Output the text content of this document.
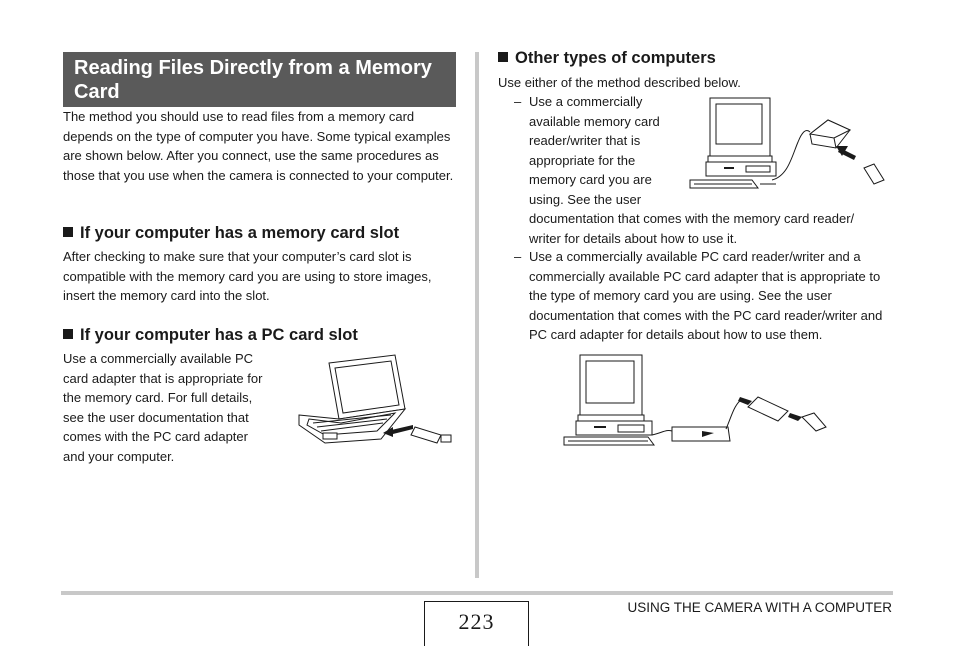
Reading Files Directly from a Memory Card
The method you should use to read files from a memory card depends on the type of computer you have. Some typical examples are shown below. After you connect, use the same procedures as those that you use when the camera is connected to your computer.
If your computer has a memory card slot
After checking to make sure that your computer’s card slot is compatible with the memory card you are using to store images, insert the memory card into the slot.
If your computer has a PC card slot
Use a commercially available PC
card adapter that is appropriate for
the memory card. For full details,
see the user documentation that
comes with the PC card adapter
and your computer.
Other types of computers
Use either of the method described below.
– Use a commercially
available memory card
reader/writer that is
appropriate for the
memory card you are
using. See the user
documentation that comes with the memory card reader/ writer for details about how to use it.
– Use a commercially available PC card reader/writer and a commercially available PC card adapter that is appropriate to the type of memory card you are using. See the user documentation that comes with the PC card reader/writer and PC card adapter for details about how to use them.
223
USING THE CAMERA WITH A COMPUTER
